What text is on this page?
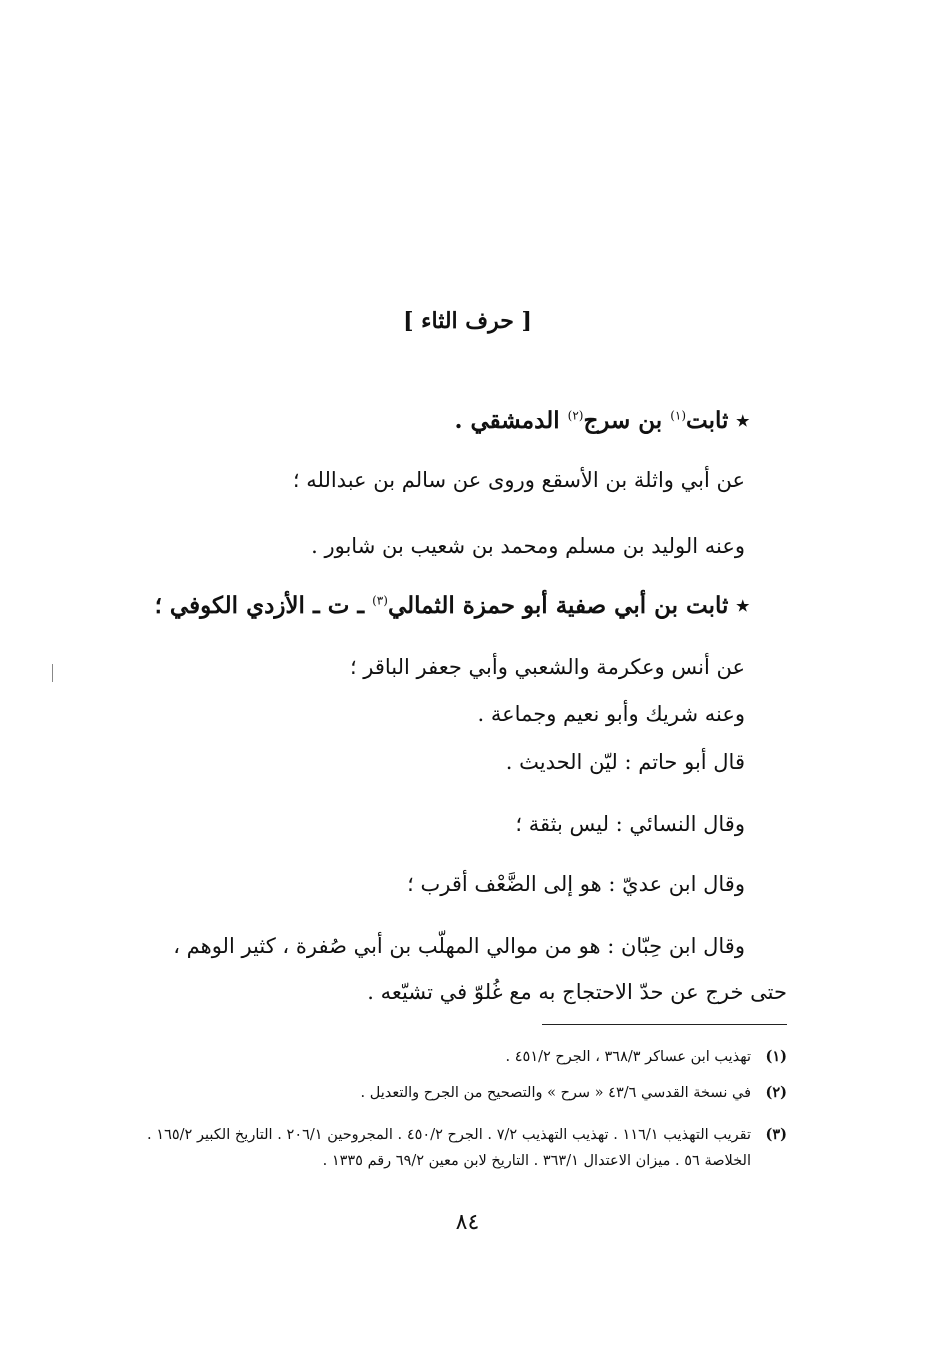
[ حرف الثاء ]
٭ ثابت$^{(١)}$ بن سرج$^{(٢)}$ الدمشقي .
عن أبي واثلة بن الأسقع وروى عن سالم بن عبدالله ؛
وعنه الوليد بن مسلم ومحمد بن شعيب بن شابور .
٭ ثابت بن أبي صفية أبو حمزة الثمالي$^{(٣)}$ ـ ت ـ الأزدي الكوفي ؛
عن أنس وعكرمة والشعبي وأبي جعفر الباقر ؛
وعنه شريك وأبو نعيم وجماعة .
قال أبو حاتم : ليّن الحديث .
وقال النسائي : ليس بثقة ؛
وقال ابن عديّ : هو إلى الضَّعْف أقرب ؛
وقال ابن حِبّان : هو من موالي المهلّب بن أبي صُفرة ، كثير الوهم ،
حتى خرج عن حدّ الاحتجاج به مع غُلوّ في تشيّعه .
(١)
تهذيب ابن عساكر ٣٦٨/٣ ، الجرح ٤٥١/٢ .
(٢)
في نسخة القدسي ٤٣/٦ « سرح » والتصحيح من الجرح والتعديل .
(٣)
تقريب التهذيب ١١٦/١ . تهذيب التهذيب ٧/٢ . الجرح ٤٥٠/٢ . المجروحين ٢٠٦/١ . التاريخ الكبير ١٦٥/٢ . الخلاصة ٥٦ . ميزان الاعتدال ٣٦٣/١ . التاريخ لابن معين ٦٩/٢ رقم ١٣٣٥ .
٨٤
